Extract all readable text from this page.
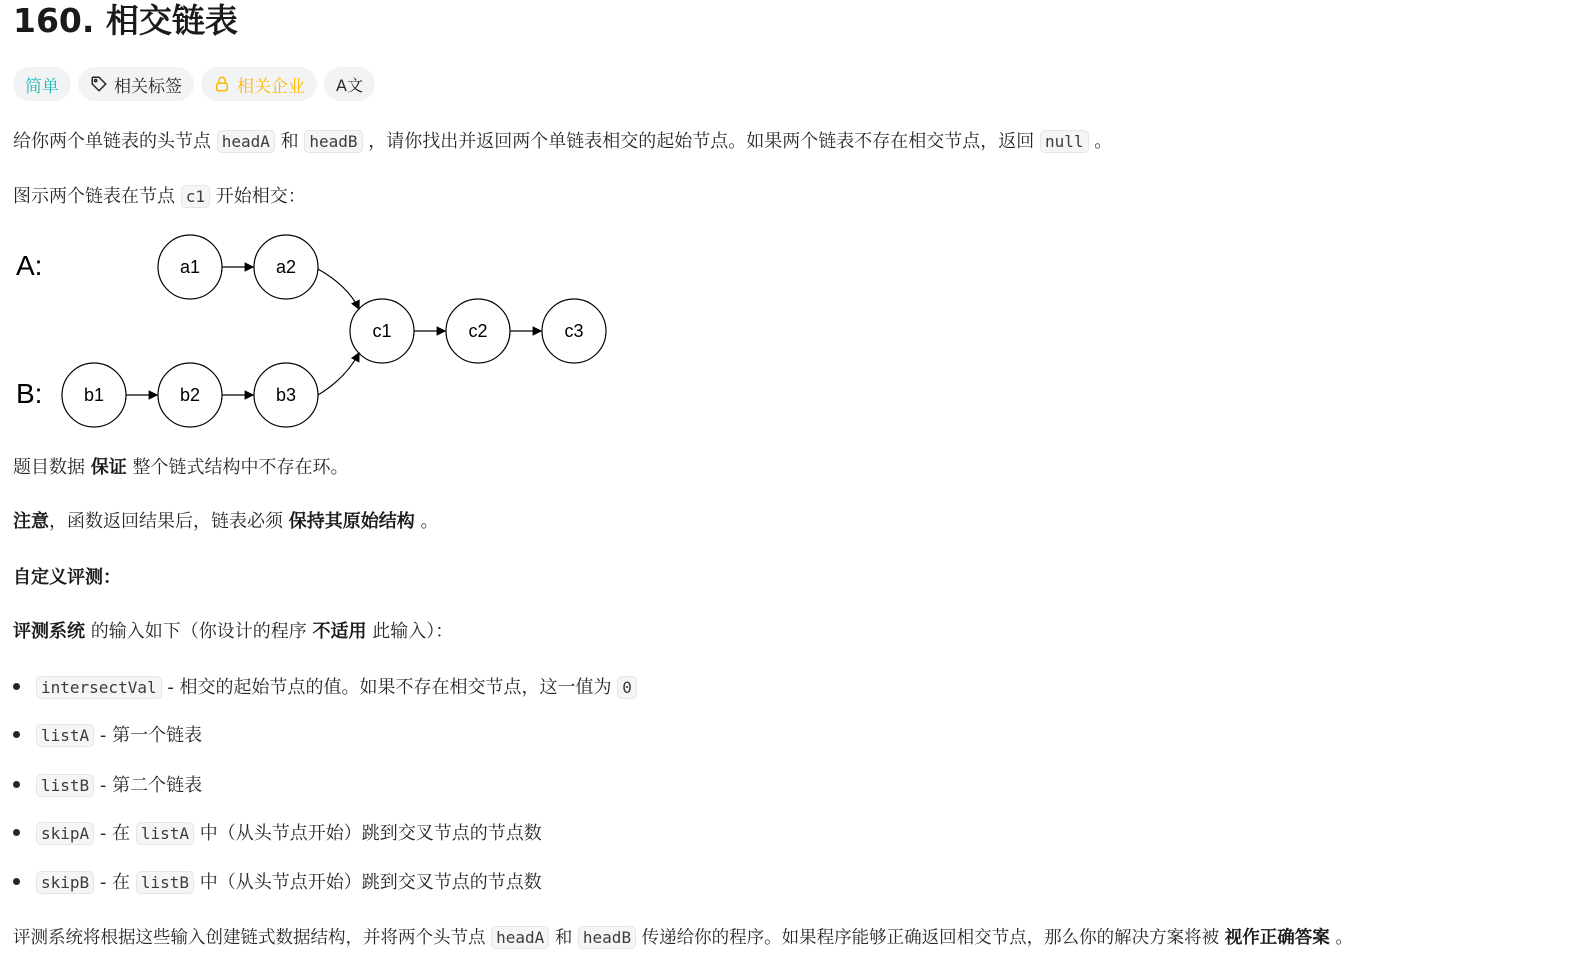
160. 相交链表
简单	相关标签	相关企业 A文
给你两个单链表的头节点 headA 和 headB ，请你找出并返回两个单链表相交的起始节点。如果两个链表不存在相交节点，返回 null 。
图示两个链表在节点 c1 开始相交：
A:
B:
a1	a2
c1	c2	c3
b1	b2	b3
题目数据 保证 整个链式结构中不存在环。
注意，函数返回结果后，链表必须 保持其原始结构 。
自定义评测：
评测系统 的输入如下（你设计的程序 不适用 此输入）：
intersectVal - 相交的起始节点的值。如果不存在相交节点，这一值为 0
listA - 第一个链表
listB - 第二个链表
skipA - 在 listA 中（从头节点开始）跳到交叉节点的节点数
skipB - 在 listB 中（从头节点开始）跳到交叉节点的节点数
评测系统将根据这些输入创建链式数据结构，并将两个头节点 headA 和 headB 传递给你的程序。如果程序能够正确返回相交节点，那么你的解决方案将被 视作正确答案 。
